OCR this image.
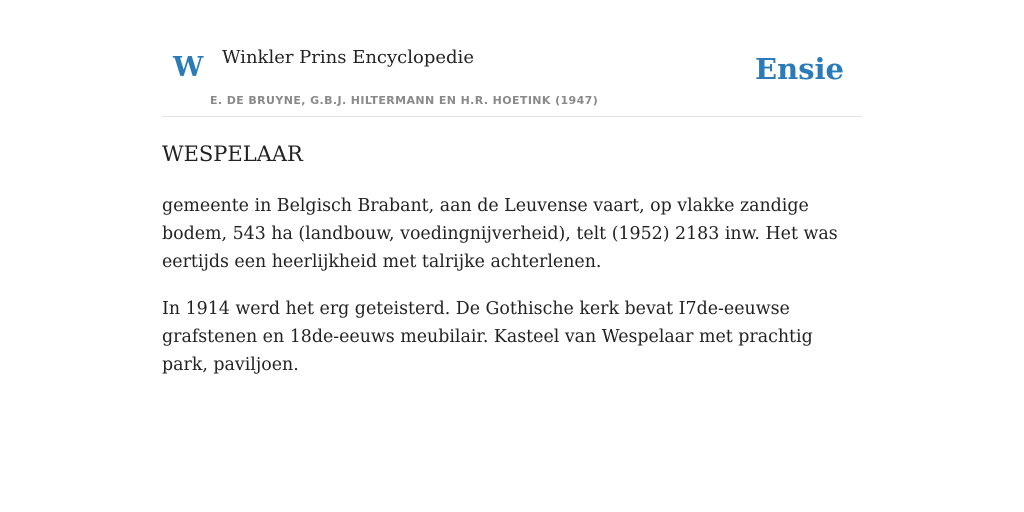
W Winkler Prins Encyclopedie
E. DE BRUYNE, G.B.J. HILTERMANN EN H.R. HOETINK (1947)
Ensie
WESPELAAR

gemeente in Belgisch Brabant, aan de Leuvense vaart, op vlakke zandige bodem, 543 ha (landbouw, voedingnijverheid), telt (1952) 2183 inw. Het was eertijds een heerlijkheid met talrijke achterlenen.

In 1914 werd het erg geteisterd. De Gothische kerk bevat I7de-eeuwse grafstenen en 18de-eeuws meubilair. Kasteel van Wespelaar met prachtig park, paviljoen.
